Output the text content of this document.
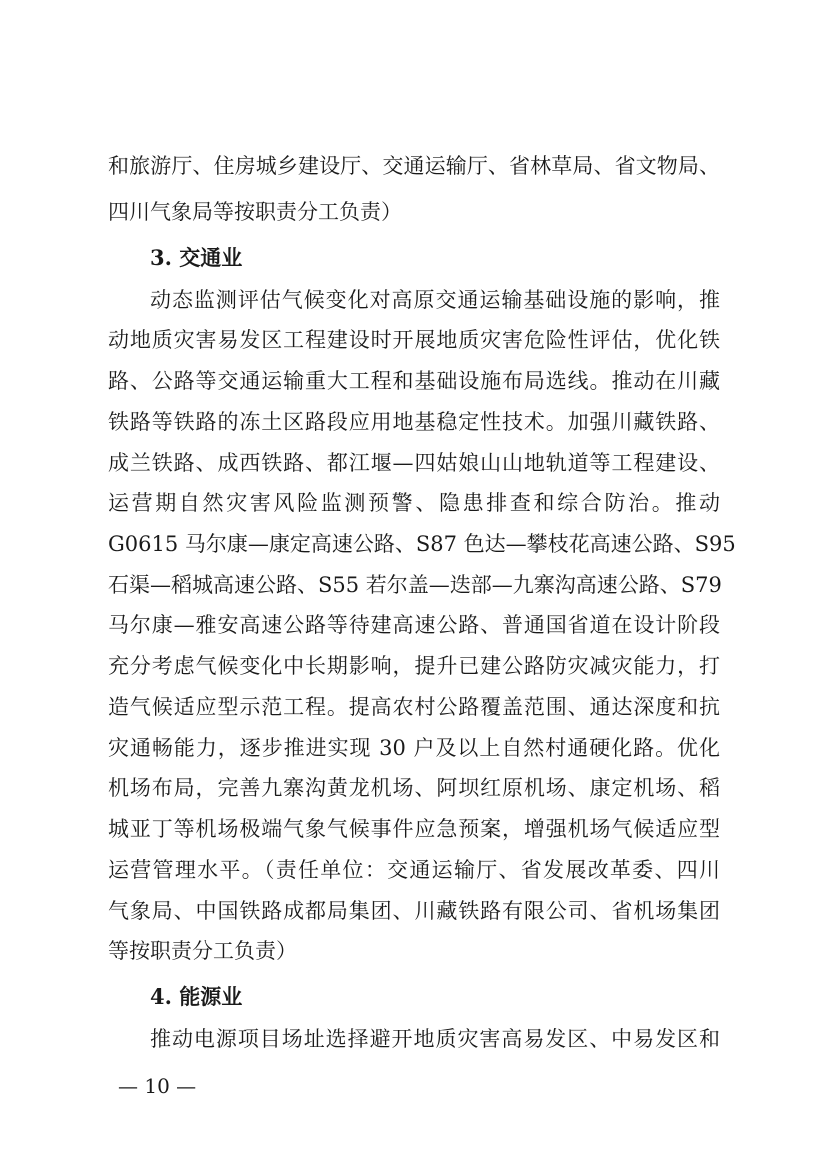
和旅游厅、住房城乡建设厅、交通运输厅、省林草局、省文物局、
四川气象局等按职责分工负责）
3. 交通业
动态监测评估气候变化对高原交通运输基础设施的影响，推
动地质灾害易发区工程建设时开展地质灾害危险性评估，优化铁
路、公路等交通运输重大工程和基础设施布局选线。推动在川藏
铁路等铁路的冻土区路段应用地基稳定性技术。加强川藏铁路、
成兰铁路、成西铁路、都江堰—四姑娘山山地轨道等工程建设、
运营期自然灾害风险监测预警、隐患排查和综合防治。推动
G0615 马尔康—康定高速公路、S87 色达—攀枝花高速公路、S95
石渠—稻城高速公路、S55 若尔盖—迭部—九寨沟高速公路、S79
马尔康—雅安高速公路等待建高速公路、普通国省道在设计阶段
充分考虑气候变化中长期影响，提升已建公路防灾减灾能力，打
造气候适应型示范工程。提高农村公路覆盖范围、通达深度和抗
灾通畅能力，逐步推进实现 30 户及以上自然村通硬化路。优化
机场布局，完善九寨沟黄龙机场、阿坝红原机场、康定机场、稻
城亚丁等机场极端气象气候事件应急预案，增强机场气候适应型
运营管理水平。（责任单位：交通运输厅、省发展改革委、四川
气象局、中国铁路成都局集团、川藏铁路有限公司、省机场集团
等按职责分工负责）
4. 能源业
推动电源项目场址选择避开地质灾害高易发区、中易发区和
— 10 —
